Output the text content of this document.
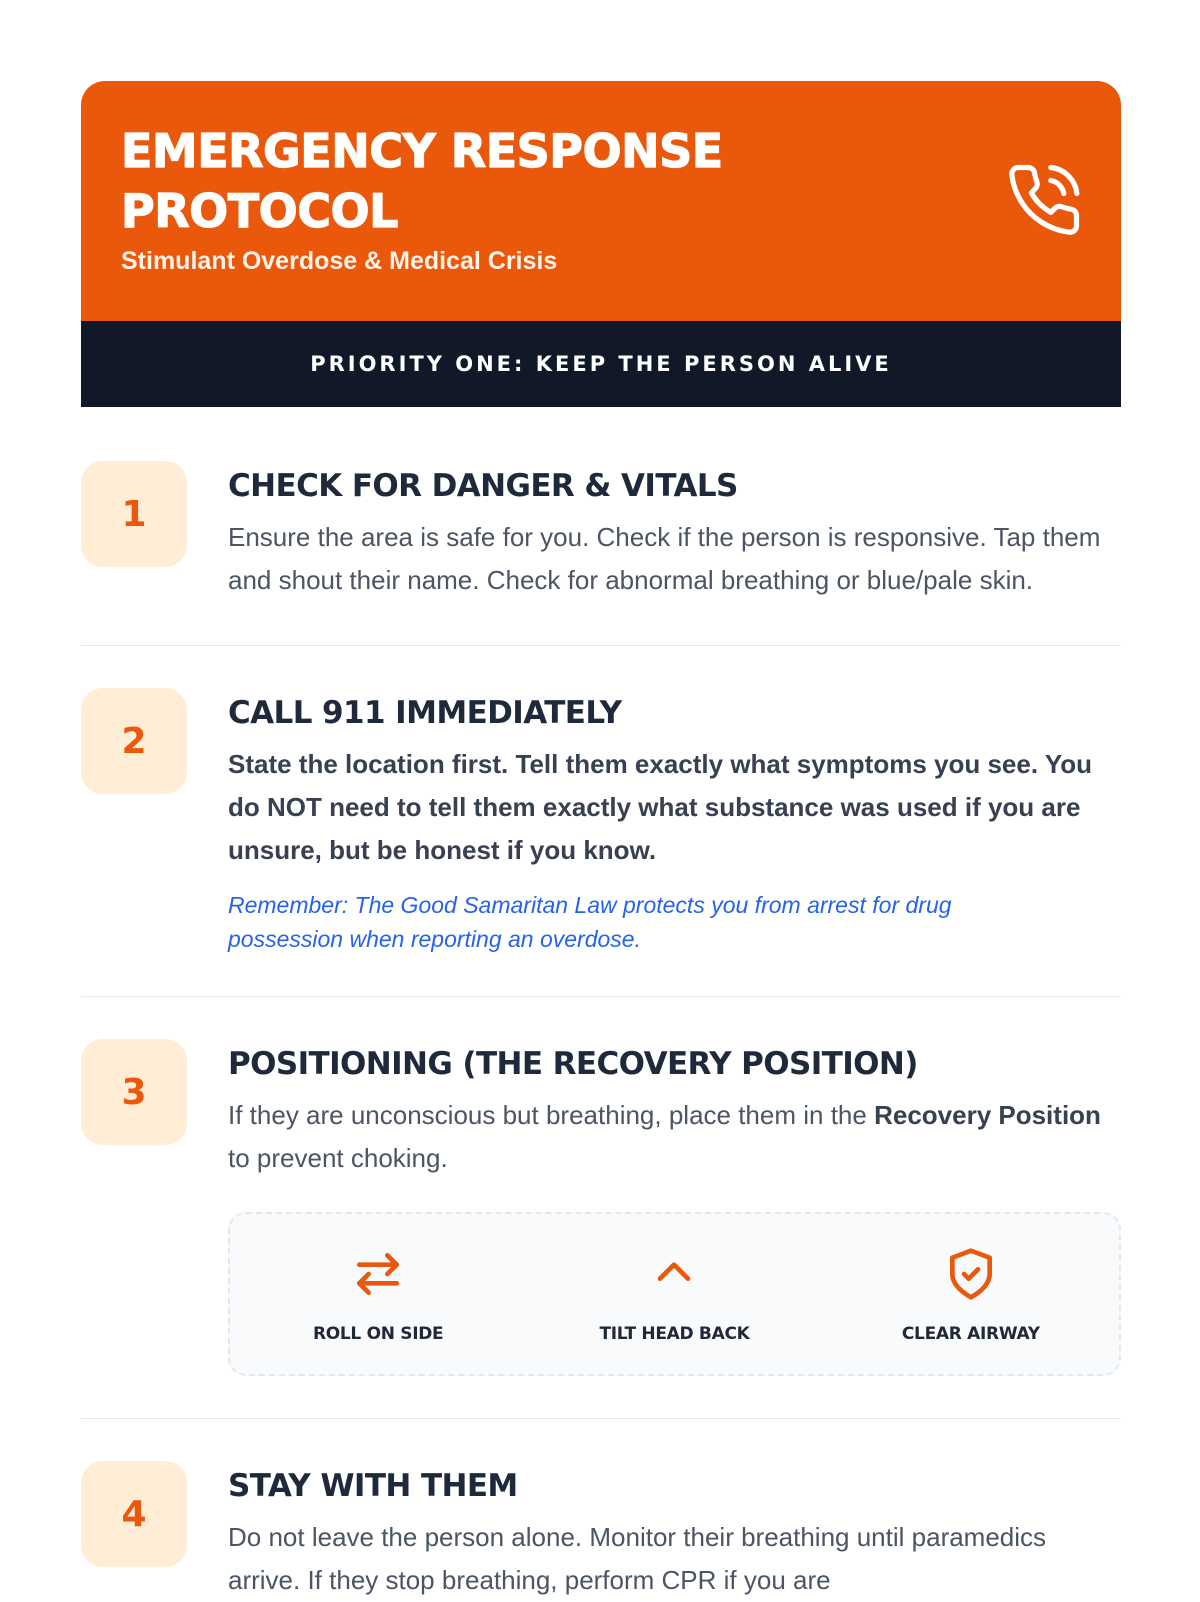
EMERGENCY RESPONSE PROTOCOL
Stimulant Overdose & Medical Crisis
PRIORITY ONE: KEEP THE PERSON ALIVE
1
CHECK FOR DANGER & VITALS
Ensure the area is safe for you. Check if the person is responsive. Tap them and shout their name. Check for abnormal breathing or blue/pale skin.
2
CALL 911 IMMEDIATELY
State the location first. Tell them exactly what symptoms you see. You do NOT need to tell them exactly what substance was used if you are unsure, but be honest if you know.
Remember: The Good Samaritan Law protects you from arrest for drug possession when reporting an overdose.
3
POSITIONING (THE RECOVERY POSITION)
If they are unconscious but breathing, place them in the Recovery Position to prevent choking.
ROLL ON SIDE	TILT HEAD BACK	CLEAR AIRWAY
4
STAY WITH THEM
Do not leave the person alone. Monitor their breathing until paramedics arrive. If they stop breathing, perform CPR if you are
